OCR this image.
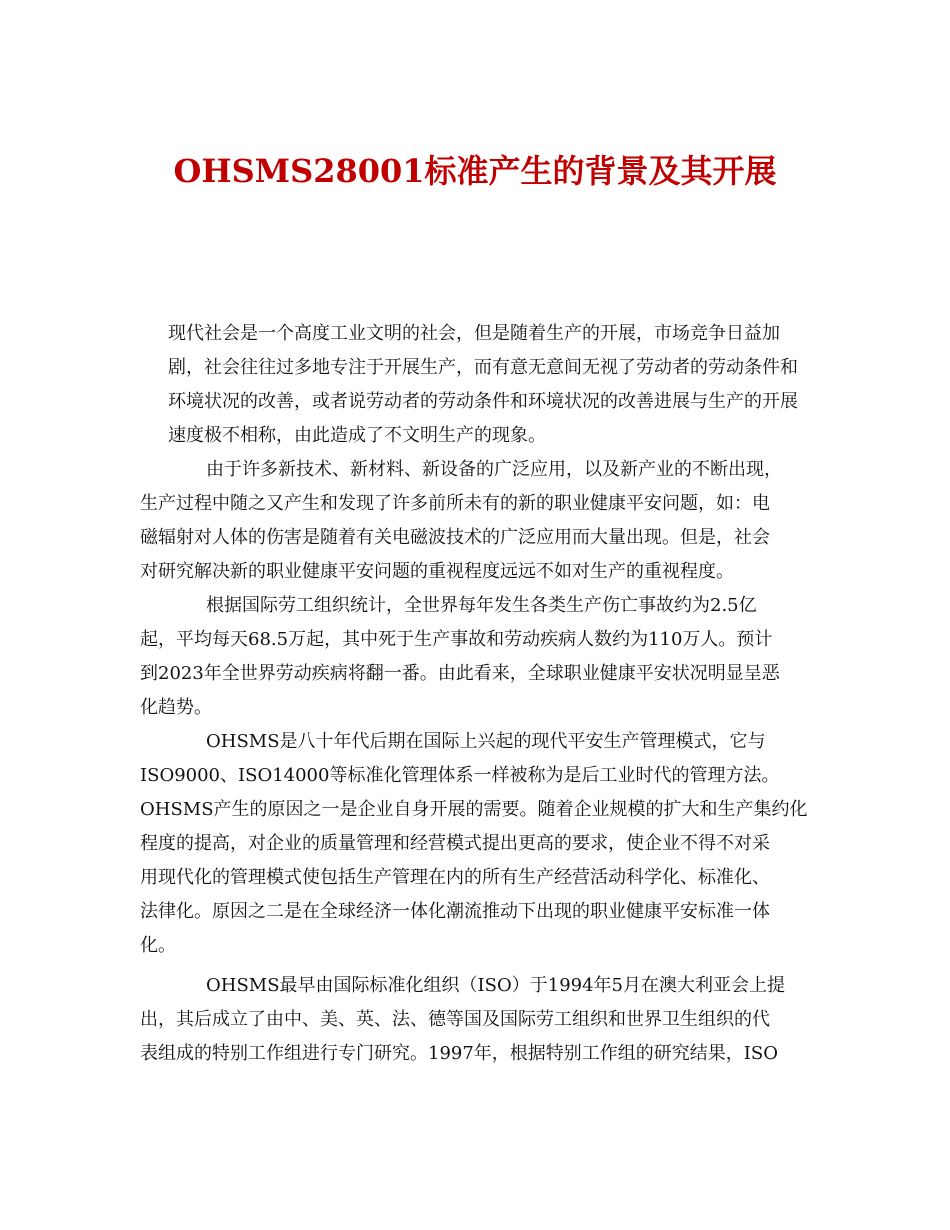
OHSMS28001标准产生的背景及其开展

现代社会是一个高度工业文明的社会，但是随着生产的开展，市场竞争日益加
剧，社会往往过多地专注于开展生产，而有意无意间无视了劳动者的劳动条件和
环境状况的改善，或者说劳动者的劳动条件和环境状况的改善进展与生产的开展
速度极不相称，由此造成了不文明生产的现象。

由于许多新技术、新材料、新设备的广泛应用，以及新产业的不断出现，
生产过程中随之又产生和发现了许多前所未有的新的职业健康平安问题，如：电
磁辐射对人体的伤害是随着有关电磁波技术的广泛应用而大量出现。但是，社会
对研究解决新的职业健康平安问题的重视程度远远不如对生产的重视程度。

根据国际劳工组织统计，全世界每年发生各类生产伤亡事故约为2.5亿
起，平均每天68.5万起，其中死于生产事故和劳动疾病人数约为110万人。预计
到2023年全世界劳动疾病将翻一番。由此看来，全球职业健康平安状况明显呈恶
化趋势。

OHSMS是八十年代后期在国际上兴起的现代平安生产管理模式，它与
ISO9000、ISO14000等标准化管理体系一样被称为是后工业时代的管理方法。
OHSMS产生的原因之一是企业自身开展的需要。随着企业规模的扩大和生产集约化
程度的提高，对企业的质量管理和经营模式提出更高的要求，使企业不得不对采
用现代化的管理模式使包括生产管理在内的所有生产经营活动科学化、标准化、
法律化。原因之二是在全球经济一体化潮流推动下出现的职业健康平安标准一体
化。

OHSMS最早由国际标准化组织（ISO）于1994年5月在澳大利亚会上提
出，其后成立了由中、美、英、法、德等国及国际劳工组织和世界卫生组织的代
表组成的特别工作组进行专门研究。1997年，根据特别工作组的研究结果，ISO
